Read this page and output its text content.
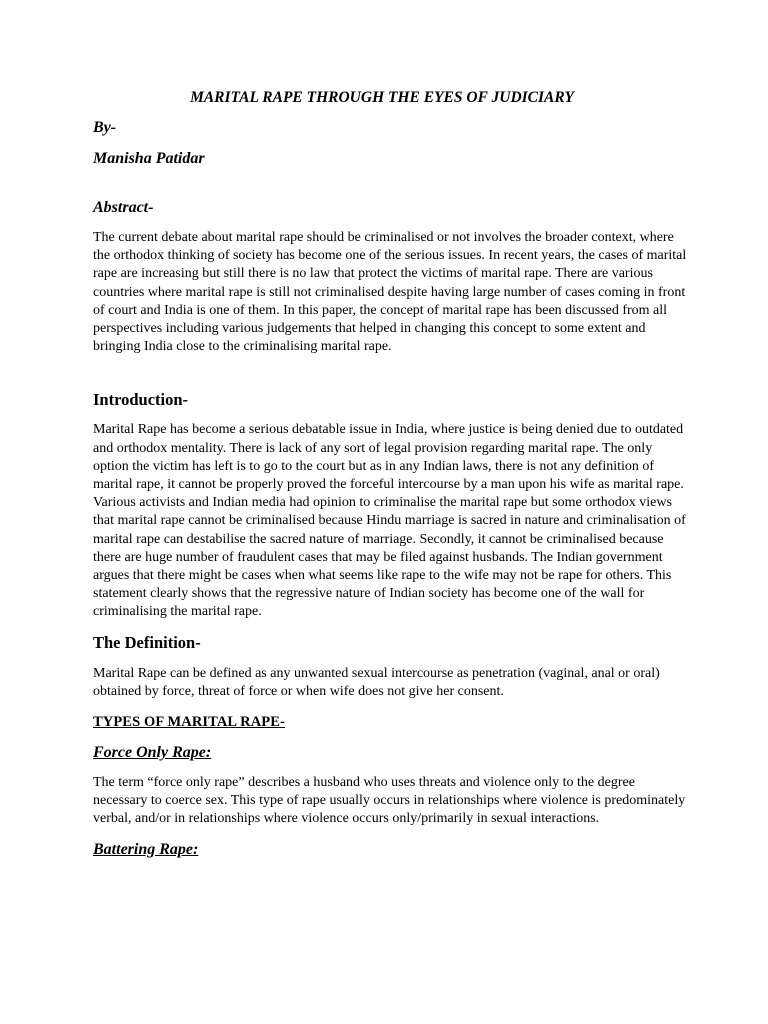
MARITAL RAPE THROUGH THE EYES OF JUDICIARY
By-
Manisha Patidar
Abstract-

The current debate about marital rape should be criminalised or not involves the broader context, where the orthodox thinking of society has become one of the serious issues. In recent years, the cases of marital rape are increasing but still there is no law that protect the victims of marital rape. There are various countries where marital rape is still not criminalised despite having large number of cases coming in front of court and India is one of them. In this paper, the concept of marital rape has been discussed from all perspectives including various judgements that helped in changing this concept to some extent and bringing India close to the criminalising marital rape.

Introduction-

Marital Rape has become a serious debatable issue in India, where justice is being denied due to outdated and orthodox mentality. There is lack of any sort of legal provision regarding marital rape. The only option the victim has left is to go to the court but as in any Indian laws, there is not any definition of marital rape, it cannot be properly proved the forceful intercourse by a man upon his wife as marital rape. Various activists and Indian media had opinion to criminalise the marital rape but some orthodox views that marital rape cannot be criminalised because Hindu marriage is sacred in nature and criminalisation of marital rape can destabilise the sacred nature of marriage. Secondly, it cannot be criminalised because there are huge number of fraudulent cases that may be filed against husbands. The Indian government argues that there might be cases when what seems like rape to the wife may not be rape for others. This statement clearly shows that the regressive nature of Indian society has become one of the wall for criminalising the marital rape.

The Definition-

Marital Rape can be defined as any unwanted sexual intercourse as penetration (vaginal, anal or oral) obtained by force, threat of force or when wife does not give her consent.

TYPES OF MARITAL RAPE-
Force Only Rape:

The term “force only rape” describes a husband who uses threats and violence only to the degree necessary to coerce sex. This type of rape usually occurs in relationships where violence is predominately verbal, and/or in relationships where violence occurs only/primarily in sexual interactions.

Battering Rape:
